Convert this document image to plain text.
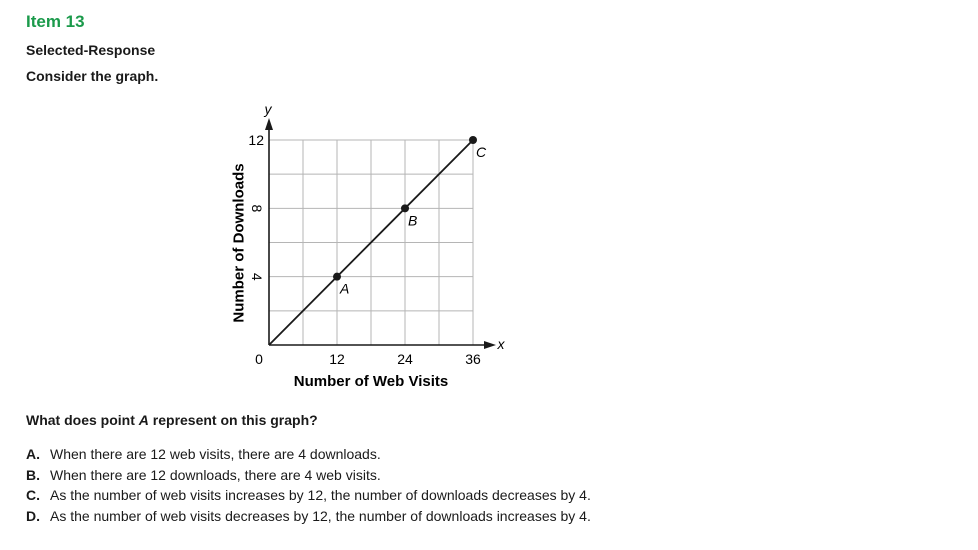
Item 13
Selected-Response
Consider the graph.
y
x
0	12	24	36
4
8
12
Number of Web Visits
Number of Downloads	A
B
C
What does point A represent on this graph?
A. When there are 12 web visits, there are 4 downloads.
B. When there are 12 downloads, there are 4 web visits.
C. As the number of web visits increases by 12, the number of downloads decreases by 4.
D. As the number of web visits decreases by 12, the number of downloads increases by 4.
